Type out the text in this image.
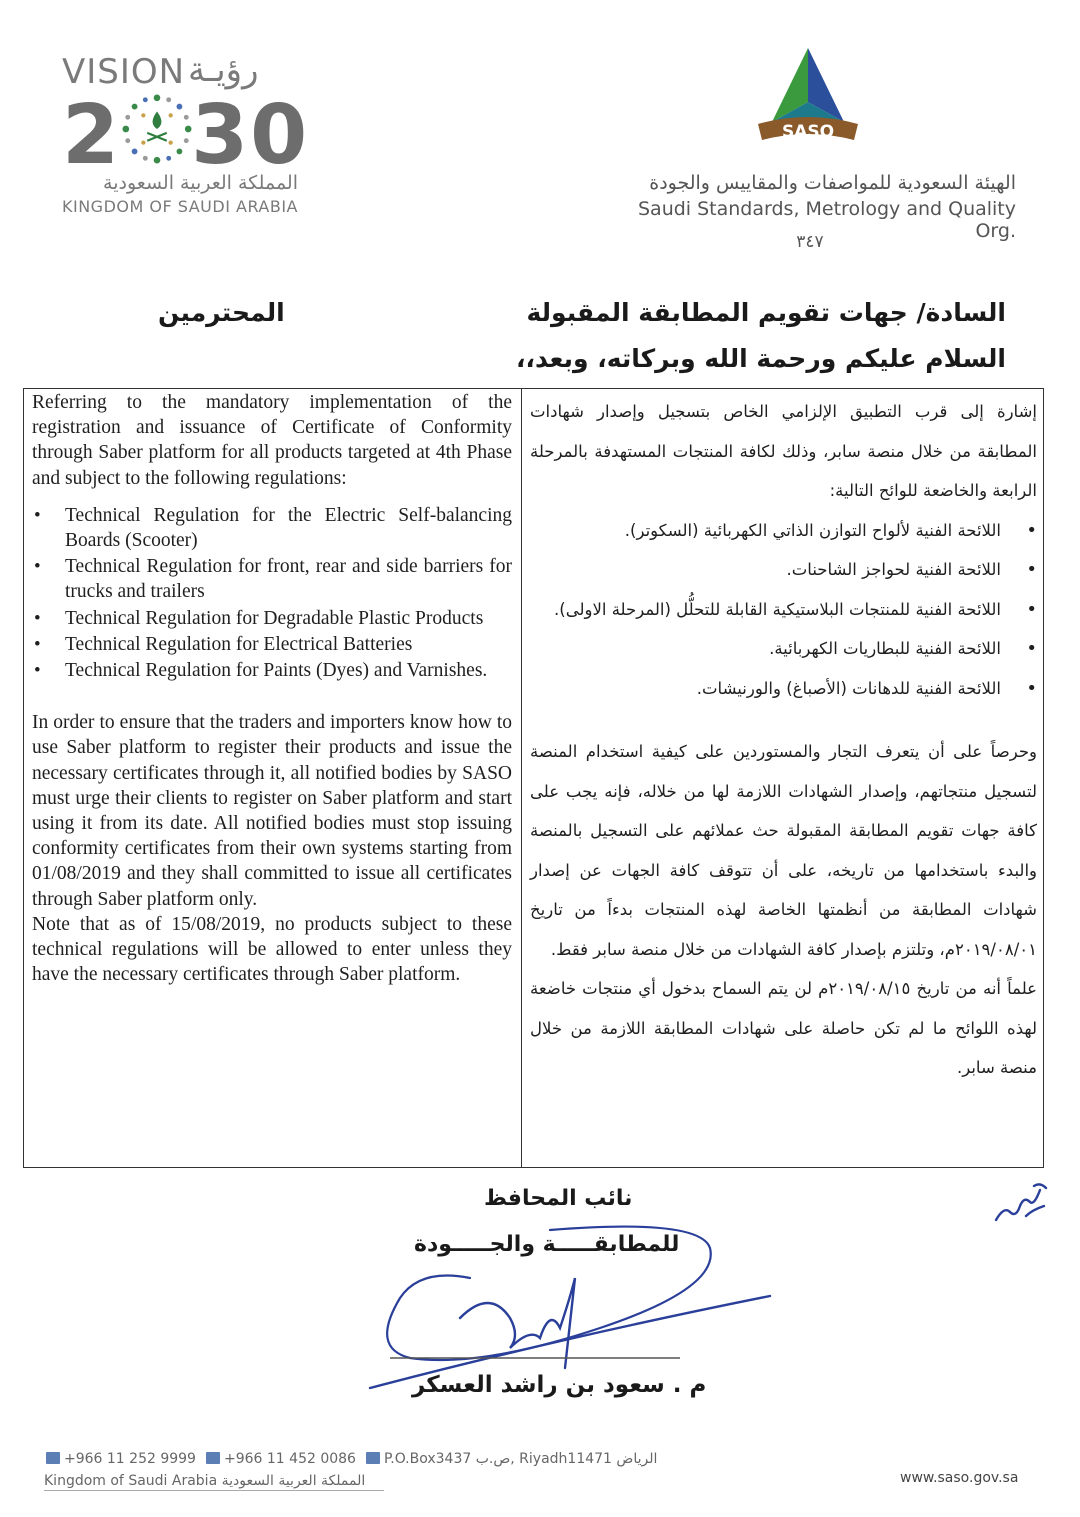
VISION رؤيـة
2 30
المملكة العربية السعودية
KINGDOM OF SAUDI ARABIA
SASO
الهيئة السعودية للمواصفات والمقاييس والجودة
Saudi Standards, Metrology and Quality Org.
٣٤٧
السادة/ جهات تقويم المطابقة المقبولة
المحترمين
السلام عليكم ورحمة الله وبركاته، وبعد،،

Referring to the mandatory implementation of the registration and issuance of Certificate of Conformity through Saber platform for all products targeted at 4th Phase and subject to the following regulations:

• Technical Regulation for the Electric Self-balancing Boards (Scooter)
• Technical Regulation for front, rear and side barriers for trucks and trailers
• Technical Regulation for Degradable Plastic Products
• Technical Regulation for Electrical Batteries
• Technical Regulation for Paints (Dyes) and Varnishes.

In order to ensure that the traders and importers know how to use Saber platform to register their products and issue the necessary certificates through it, all notified bodies by SASO must urge their clients to register on Saber platform and start using it from its date. All notified bodies must stop issuing conformity certificates from their own systems starting from 01/08/2019 and they shall committed to issue all certificates through Saber platform only.

Note that as of 15/08/2019, no products subject to these technical regulations will be allowed to enter unless they have the necessary certificates through Saber platform.

إشارة إلى قرب التطبيق الإلزامي الخاص بتسجيل وإصدار شهادات المطابقة من خلال منصة سابر، وذلك لكافة المنتجات المستهدفة بالمرحلة الرابعة والخاضعة للوائح التالية:

• اللائحة الفنية لألواح التوازن الذاتي الكهربائية (السكوتر).
• اللائحة الفنية لحواجز الشاحنات.
• اللائحة الفنية للمنتجات البلاستيكية القابلة للتحلُّل (المرحلة الاولى).
• اللائحة الفنية للبطاريات الكهربائية.
• اللائحة الفنية للدهانات (الأصباغ) والورنيشات.

وحرصاً على أن يتعرف التجار والمستوردين على كيفية استخدام المنصة لتسجيل منتجاتهم، وإصدار الشهادات اللازمة لها من خلاله، فإنه يجب على كافة جهات تقويم المطابقة المقبولة حث عملائهم على التسجيل بالمنصة والبدء باستخدامها من تاريخه، على أن تتوقف كافة الجهات عن إصدار شهادات المطابقة من أنظمتها الخاصة لهذه المنتجات بدءاً من تاريخ ٢٠١٩/٠٨/٠١م، وتلتزم بإصدار كافة الشهادات من خلال منصة سابر فقط.

علماً أنه من تاريخ ٢٠١٩/٠٨/١٥م لن يتم السماح بدخول أي منتجات خاضعة لهذه اللوائح ما لم تكن حاصلة على شهادات المطابقة اللازمة من خلال منصة سابر.

نائب المحافظ
للمطابقـــــة والجـــــودة
م . سعود بن راشد العسكر
+966 11 252 9999	+966 11 452 0086	P.O.Box3437 ص.ب, Riyadh11471 الرياض
Kingdom of Saudi Arabia المملكة العربية السعودية	www.saso.gov.sa
